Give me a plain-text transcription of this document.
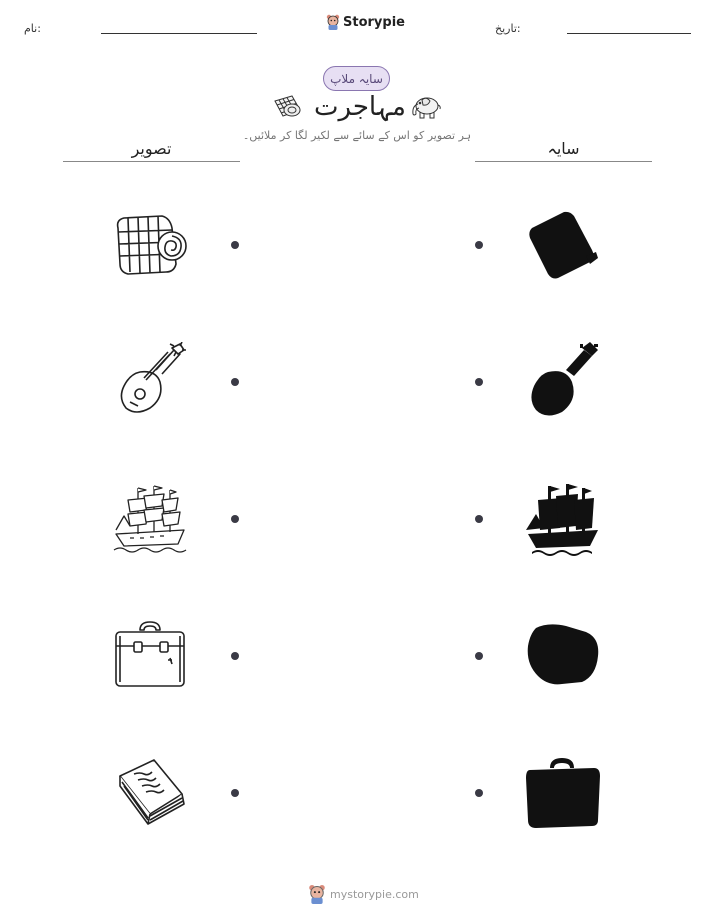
نام:	Storypie	تاریخ:
سایہ ملاپ
مہاجرت
ہر تصویر کو اس کے سائے سے لکیر لگا کر ملائیں۔
تصویر	سایہ
mystorypie.com
